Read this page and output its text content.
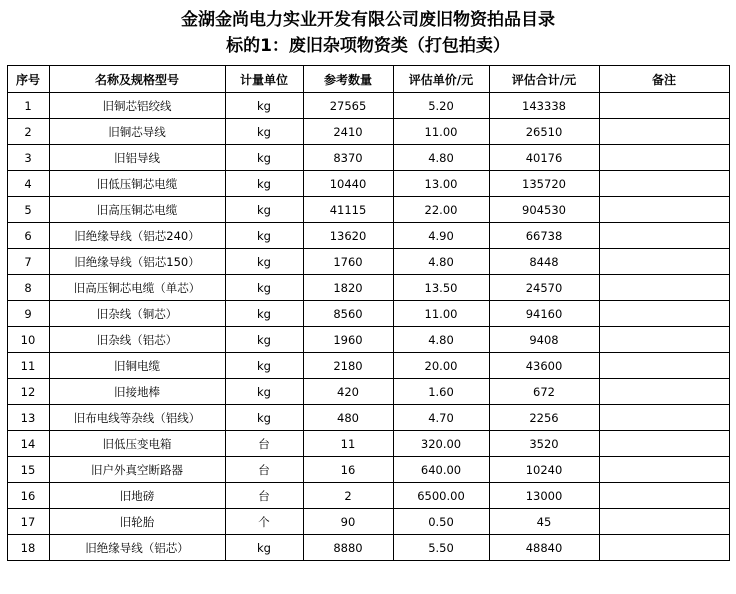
金湖金尚电力实业开发有限公司废旧物资拍品目录
标的1：废旧杂项物资类（打包拍卖）
序号	名称及规格型号	计量单位	参考数量	评估单价/元	评估合计/元	备注
1	旧铜芯铝绞线	kg	27565	5.20	143338	
2	旧铜芯导线	kg	2410	11.00	26510	
3	旧铝导线	kg	8370	4.80	40176	
4	旧低压铜芯电缆	kg	10440	13.00	135720	
5	旧高压铜芯电缆	kg	41115	22.00	904530	
6	旧绝缘导线（铝芯240）	kg	13620	4.90	66738	
7	旧绝缘导线（铝芯150）	kg	1760	4.80	8448	
8	旧高压铜芯电缆（单芯）	kg	1820	13.50	24570	
9	旧杂线（铜芯）	kg	8560	11.00	94160	
10	旧杂线（铝芯）	kg	1960	4.80	9408	
11	旧铜电缆	kg	2180	20.00	43600	
12	旧接地棒	kg	420	1.60	672	
13	旧布电线等杂线（铝线）	kg	480	4.70	2256	
14	旧低压变电箱	台	11	320.00	3520	
15	旧户外真空断路器	台	16	640.00	10240	
16	旧地磅	台	2	6500.00	13000	
17	旧轮胎	个	90	0.50	45	
18	旧绝缘导线（铝芯）	kg	8880	5.50	48840	
